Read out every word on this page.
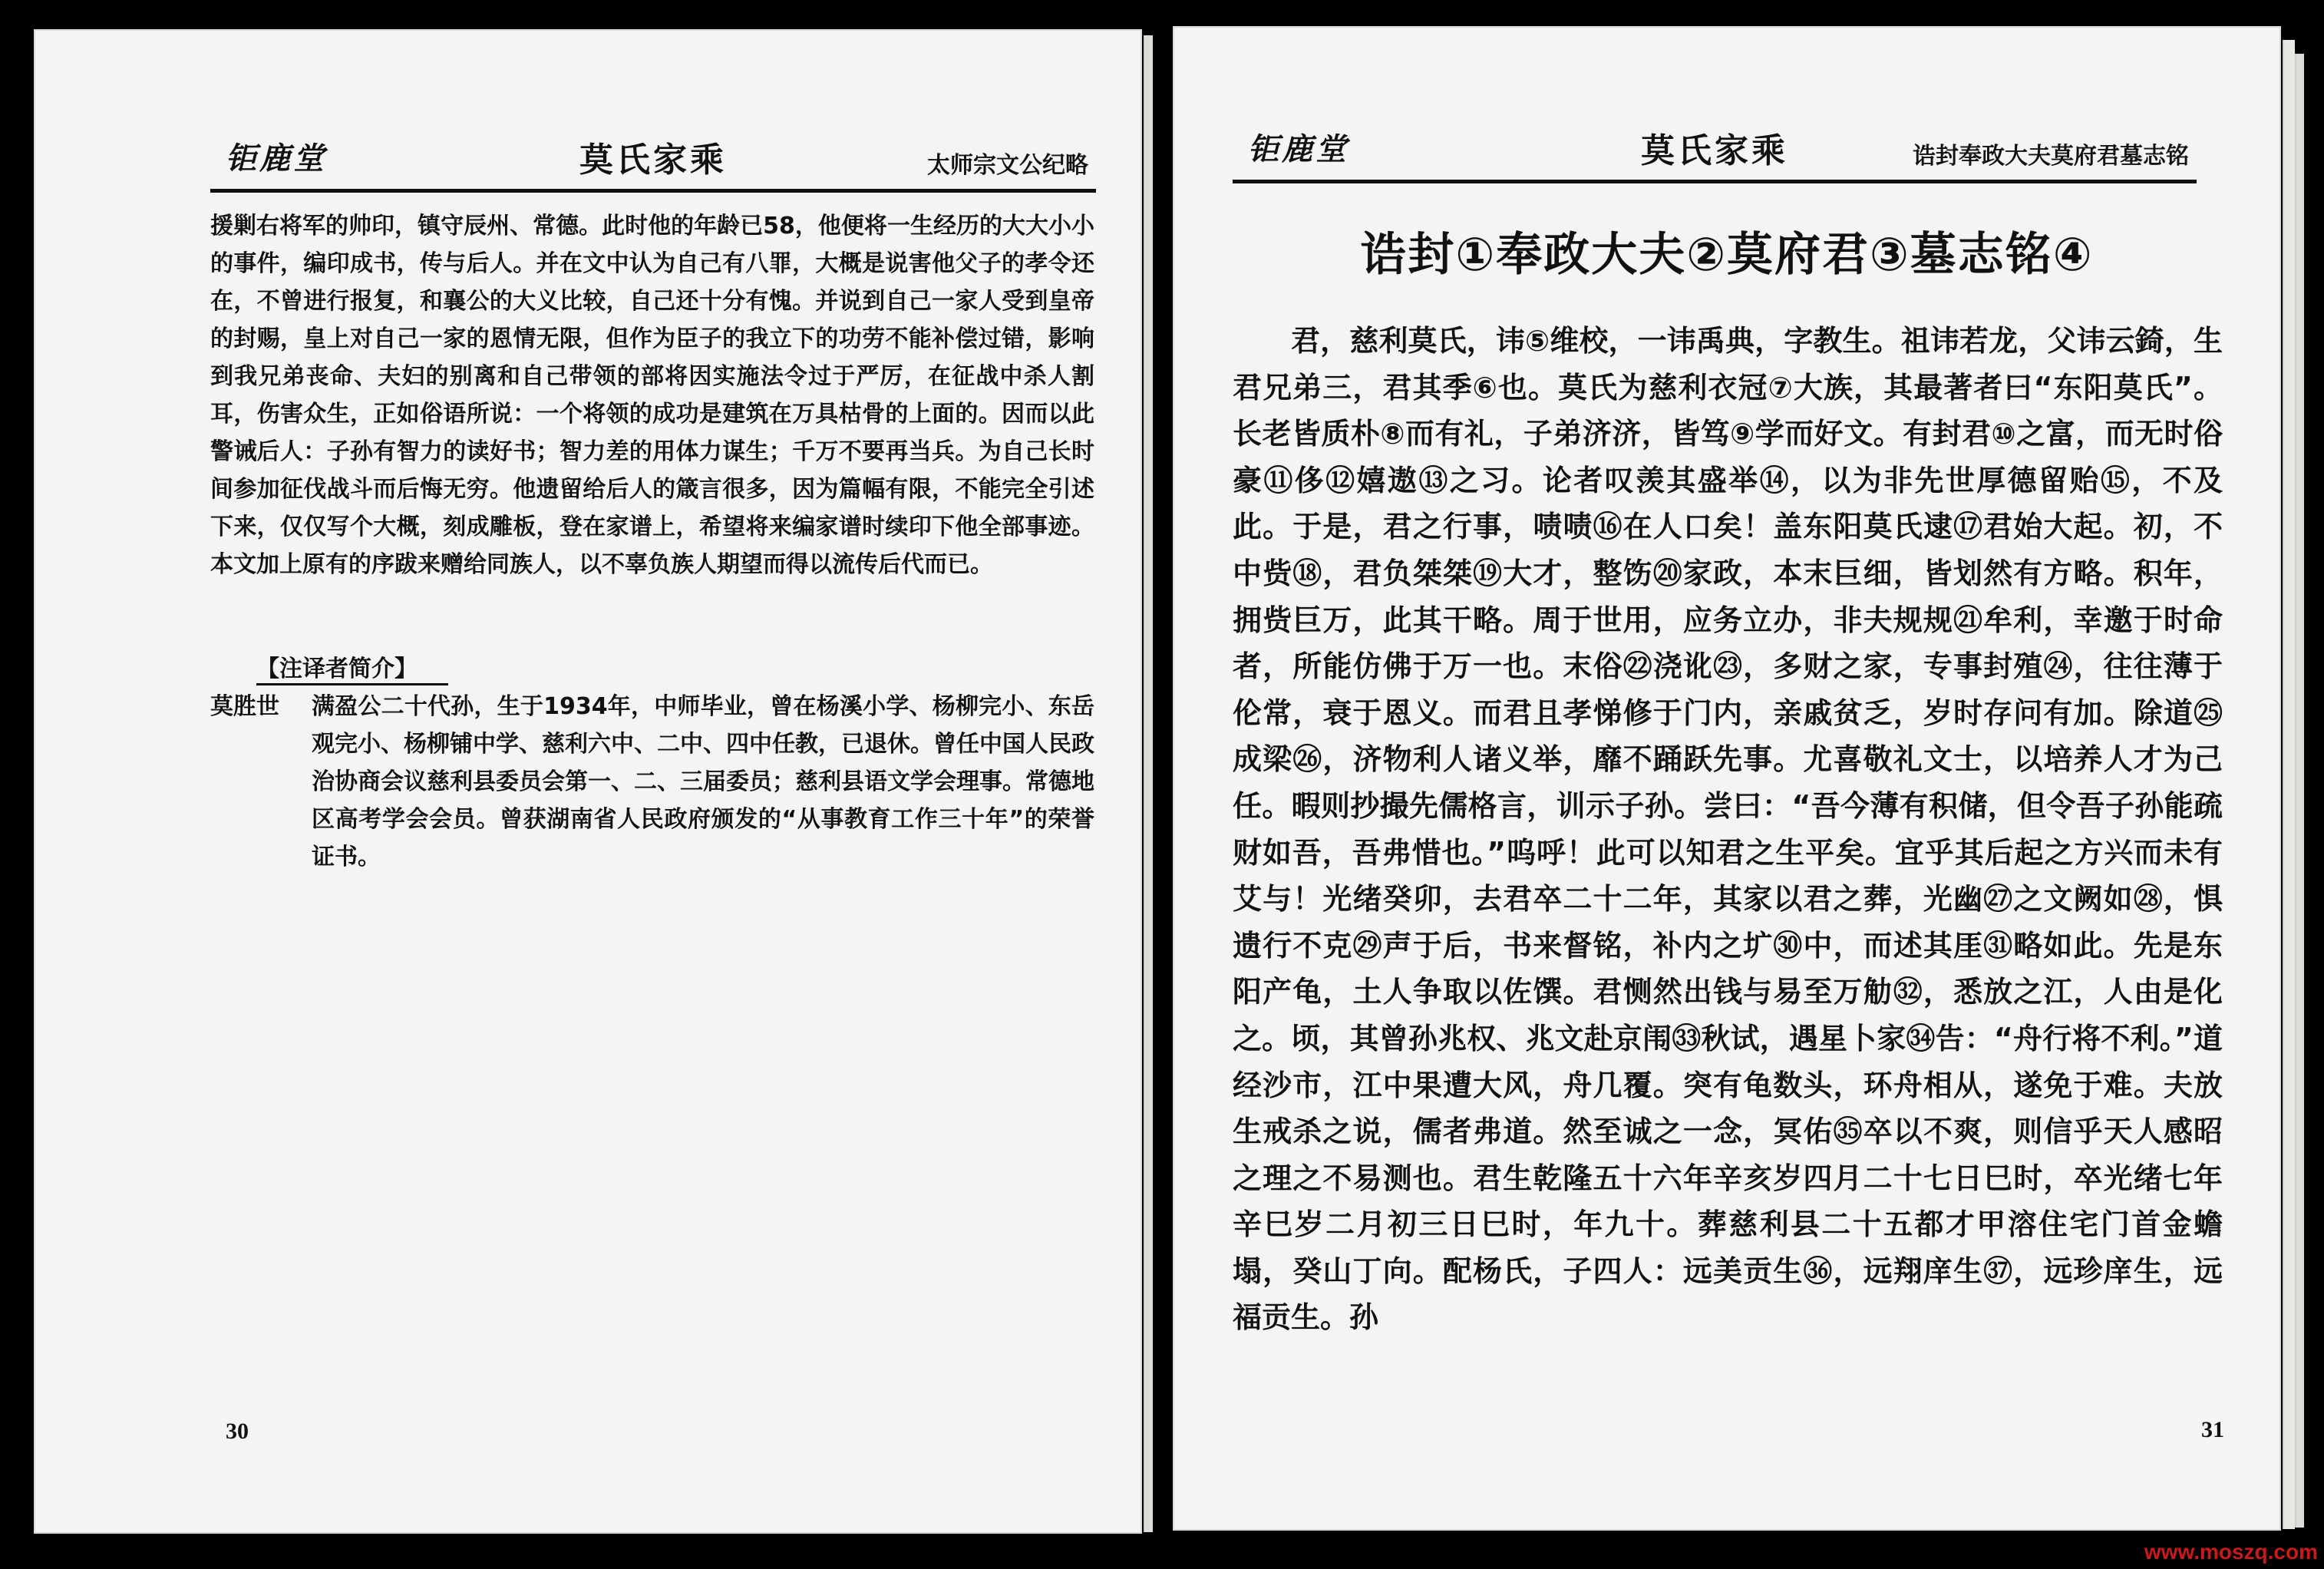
钜鹿堂	莫氏家乘	太师宗文公纪略

援剿右将军的帅印，镇守辰州、常德。此时他的年龄已58，他便将一生经历的大大小小的事件，编印成书，传与后人。并在文中认为自己有八罪，大概是说害他父子的孝令还在，不曾进行报复，和襄公的大义比较，自己还十分有愧。并说到自己一家人受到皇帝的封赐，皇上对自己一家的恩情无限，但作为臣子的我立下的功劳不能补偿过错，影响到我兄弟丧命、夫妇的别离和自己带领的部将因实施法令过于严厉，在征战中杀人割耳，伤害众生，正如俗语所说：一个将领的成功是建筑在万具枯骨的上面的。因而以此警诫后人：子孙有智力的读好书；智力差的用体力谋生；千万不要再当兵。为自己长时间参加征伐战斗而后悔无穷。他遗留给后人的箴言很多，因为篇幅有限，不能完全引述下来，仅仅写个大概，刻成雕板，登在家谱上，希望将来编家谱时续印下他全部事迹。本文加上原有的序跋来赠给同族人，以不辜负族人期望而得以流传后代而已。

【注译者简介】
莫胜世 满盈公二十代孙，生于1934年，中师毕业，曾在杨溪小学、杨柳完小、东岳观完小、杨柳铺中学、慈利六中、二中、四中任教，已退休。曾任中国人民政治协商会议慈利县委员会第一、二、三届委员；慈利县语文学会理事。常德地区高考学会会员。曾获湖南省人民政府颁发的“从事教育工作三十年”的荣誉证书。
30
钜鹿堂	莫氏家乘	诰封奉政大夫莫府君墓志铭
诰封①奉政大夫②莫府君③墓志铭④
君，慈利莫氏，讳⑤维校，一讳禹典，字教生。祖讳若龙，父讳云錡，生君兄弟三，君其季⑥也。莫氏为慈利衣冠⑦大族，其最著者曰“东阳莫氏”。长老皆质朴⑧而有礼，子弟济济，皆笃⑨学而好文。有封君⑩之富，而无时俗豪⑪侈⑫嬉遨⑬之习。论者叹羡其盛举⑭，以为非先世厚德留贻⑮，不及此。于是，君之行事，啧啧⑯在人口矣！盖东阳莫氏逮⑰君始大起。初，不中赀⑱，君负桀桀⑲大才，整饬⑳家政，本末巨细，皆划然有方略。积年，拥赀巨万，此其干略。周于世用，应务立办，非夫规规㉑牟利，幸邀于时命者，所能仿佛于万一也。末俗㉒浇讹㉓，多财之家，专事封殖㉔，往往薄于伦常，衰于恩义。而君且孝悌修于门内，亲戚贫乏，岁时存问有加。除道㉕成梁㉖，济物利人诸义举，靡不踊跃先事。尤喜敬礼文士，以培养人才为己任。暇则抄撮先儒格言，训示子孙。尝曰：“吾今薄有积储，但令吾子孙能疏财如吾，吾弗惜也。”呜呼！此可以知君之生平矣。宜乎其后起之方兴而未有艾与！光绪癸卯，去君卒二十二年，其家以君之葬，光幽㉗之文阙如㉘，惧遗行不克㉙声于后，书来督铭，补内之圹㉚中，而述其厓㉛略如此。先是东阳产龟，土人争取以佐馔。君恻然出钱与易至万觔㉜，悉放之江，人由是化之。顷，其曾孙兆权、兆文赴京闱㉝秋试，遇星卜家㉞告：“舟行将不利。”道经沙市，江中果遭大风，舟几覆。突有龟数头，环舟相从，遂免于难。夫放生戒杀之说，儒者弗道。然至诚之一念，冥佑㉟卒以不爽，则信乎天人感昭之理之不易测也。君生乾隆五十六年辛亥岁四月二十七日巳时，卒光绪七年辛巳岁二月初三日巳时，年九十。葬慈利县二十五都才甲溶住宅门首金蟾塌，癸山丁向。配杨氏，子四人：远美贡生㊱，远翔庠生㊲，远珍庠生，远福贡生。孙
31
www.moszq.com
